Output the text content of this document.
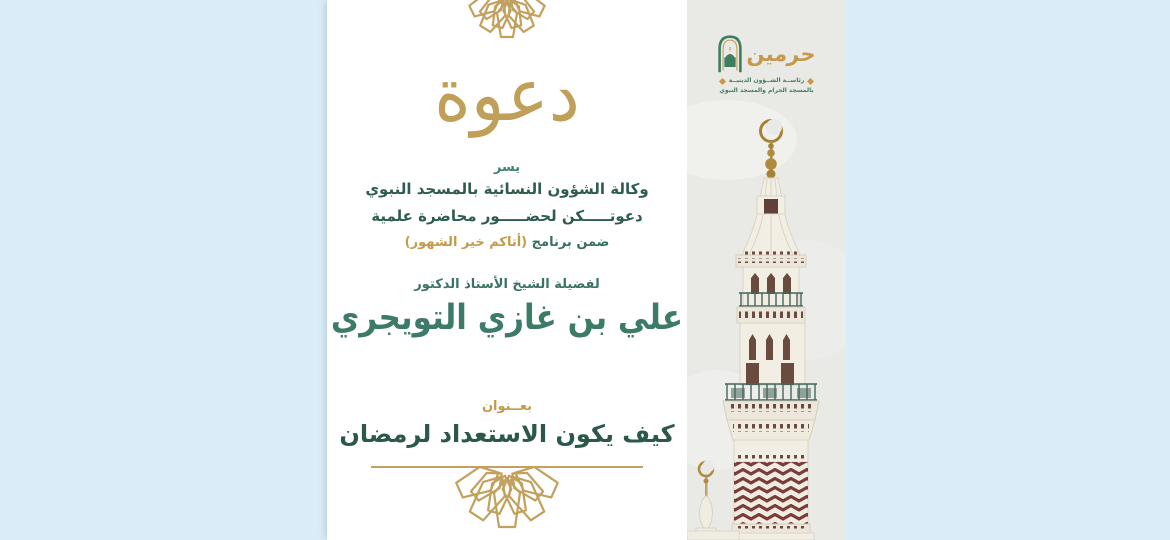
دعوة
يسر
وكالة الشؤون النسائية بالمسجد النبوي
دعوتـــــكن لحضـــــور محاضرة علمية
ضمن برنامج (أتاكم خير الشهور)
لفضيلة الشيخ الأستاذ الدكتور
علي بن غازي التويجري
بعــنوان
كيف يكون الاستعداد لرمضان
حرمين
رئاســة الشــؤون الدينيــة
بالمسجد الحرام والمسجد النبوي
